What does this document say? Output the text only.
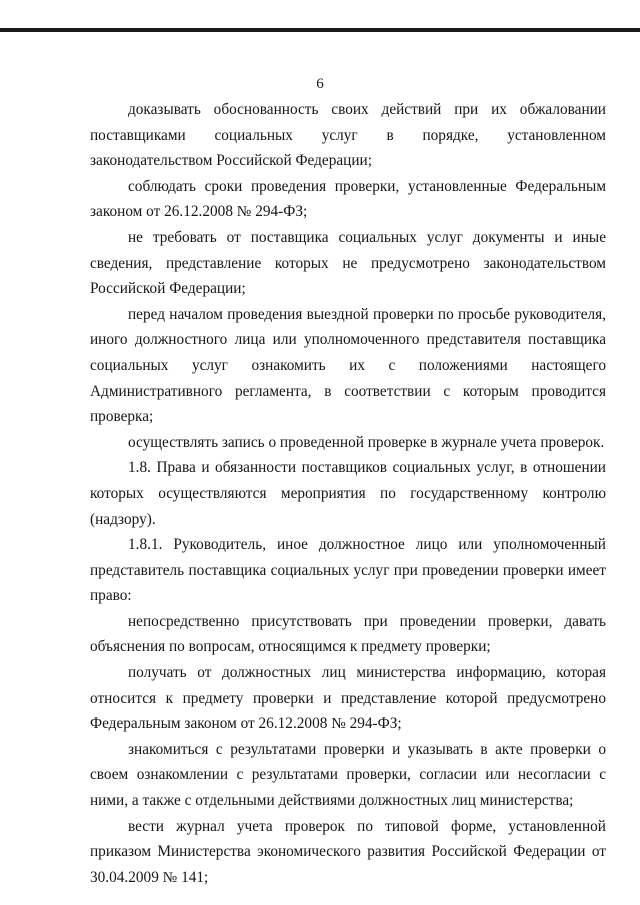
6

доказывать обоснованность своих действий при их обжаловании поставщиками социальных услуг в порядке, установленном законодательством Российской Федерации;

соблюдать сроки проведения проверки, установленные Федеральным законом от 26.12.2008 № 294-ФЗ;

не требовать от поставщика социальных услуг документы и иные сведения, представление которых не предусмотрено законодательством Российской Федерации;

перед началом проведения выездной проверки по просьбе руководителя, иного должностного лица или уполномоченного представителя поставщика социальных услуг ознакомить их с положениями настоящего Административного регламента, в соответствии с которым проводится проверка;

осуществлять запись о проведенной проверке в журнале учета проверок.

1.8. Права и обязанности поставщиков социальных услуг, в отношении которых осуществляются мероприятия по государственному контролю (надзору).

1.8.1. Руководитель, иное должностное лицо или уполномоченный представитель поставщика социальных услуг при проведении проверки имеет право:

непосредственно присутствовать при проведении проверки, давать объяснения по вопросам, относящимся к предмету проверки;

получать от должностных лиц министерства информацию, которая относится к предмету проверки и представление которой предусмотрено Федеральным законом от 26.12.2008 № 294-ФЗ;

знакомиться с результатами проверки и указывать в акте проверки о своем ознакомлении с результатами проверки, согласии или несогласии с ними, а также с отдельными действиями должностных лиц министерства;

вести журнал учета проверок по типовой форме, установленной приказом Министерства экономического развития Российской Федерации от 30.04.2009 № 141;
